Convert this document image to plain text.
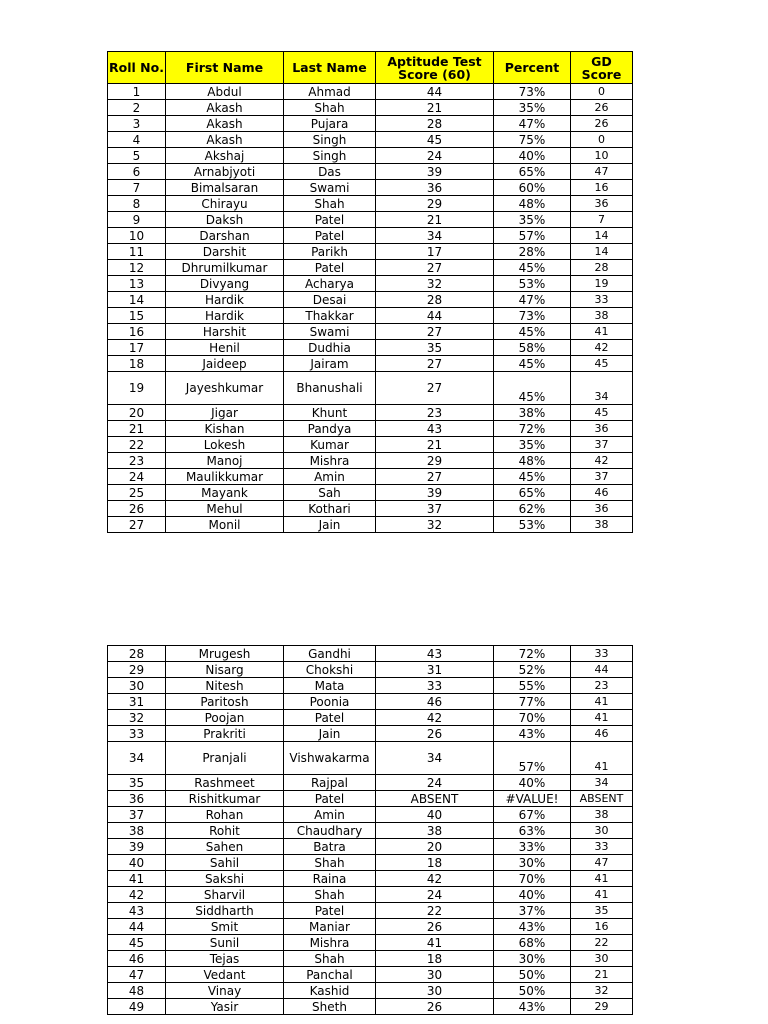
Roll No.	First Name	Last Name	Aptitude Test Score (60)	Percent	GD Score
1	Abdul	Ahmad	44	73%	0
2	Akash	Shah	21	35%	26
3	Akash	Pujara	28	47%	26
4	Akash	Singh	45	75%	0
5	Akshaj	Singh	24	40%	10
6	Arnabjyoti	Das	39	65%	47
7	Bimalsaran	Swami	36	60%	16
8	Chirayu	Shah	29	48%	36
9	Daksh	Patel	21	35%	7
10	Darshan	Patel	34	57%	14
11	Darshit	Parikh	17	28%	14
12	Dhrumilkumar	Patel	27	45%	28
13	Divyang	Acharya	32	53%	19
14	Hardik	Desai	28	47%	33
15	Hardik	Thakkar	44	73%	38
16	Harshit	Swami	27	45%	41
17	Henil	Dudhia	35	58%	42
18	Jaideep	Jairam	27	45%	45
19	Jayeshkumar	Bhanushali	27	45%	34
20	Jigar	Khunt	23	38%	45
21	Kishan	Pandya	43	72%	36
22	Lokesh	Kumar	21	35%	37
23	Manoj	Mishra	29	48%	42
24	Maulikkumar	Amin	27	45%	37
25	Mayank	Sah	39	65%	46
26	Mehul	Kothari	37	62%	36
27	Monil	Jain	32	53%	38
28	Mrugesh	Gandhi	43	72%	33
29	Nisarg	Chokshi	31	52%	44
30	Nitesh	Mata	33	55%	23
31	Paritosh	Poonia	46	77%	41
32	Poojan	Patel	42	70%	41
33	Prakriti	Jain	26	43%	46
34	Pranjali	Vishwakarma	34	57%	41
35	Rashmeet	Rajpal	24	40%	34
36	Rishitkumar	Patel	ABSENT	#VALUE!	ABSENT
37	Rohan	Amin	40	67%	38
38	Rohit	Chaudhary	38	63%	30
39	Sahen	Batra	20	33%	33
40	Sahil	Shah	18	30%	47
41	Sakshi	Raina	42	70%	41
42	Sharvil	Shah	24	40%	41
43	Siddharth	Patel	22	37%	35
44	Smit	Maniar	26	43%	16
45	Sunil	Mishra	41	68%	22
46	Tejas	Shah	18	30%	30
47	Vedant	Panchal	30	50%	21
48	Vinay	Kashid	30	50%	32
49	Yasir	Sheth	26	43%	29
